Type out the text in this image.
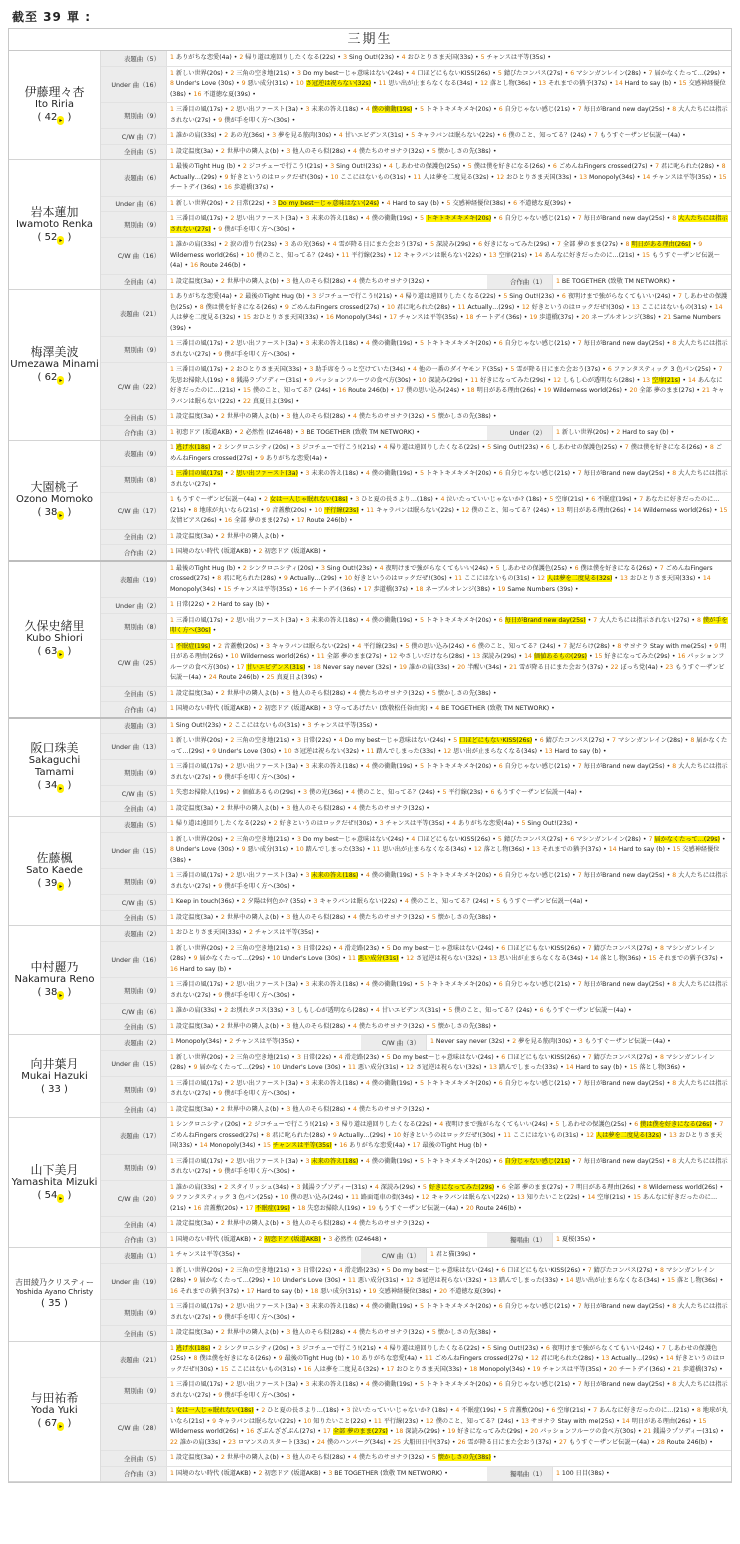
截至 39 單 :
三期生
伊藤理々杏
Ito Riria
( 42 ▸ )
表題曲（5）	1 ありがちな恋愛(4a) • 2 帰り道は遠回りしたくなる(22s) • 3 Sing Out!(23s) • 4 おひとりさま天国(33s) • 5 チャンスは平等(35s) •
Under 曲（16）
1 新しい世界(20s) • 2 三角の空き地(21s) • 3 Do my best～じゃ意味はない(24s) • 4 口ほどにもないKISS(26s) • 5 錆びたコンパス(27s) • 6 マシンガンレイン(28s) • 7 届かなくたって…(29s) • 8 Under's Love (30s) • 9 悪い成分(31s) • 10 さ冠逆は祝らない(32s) • 11 思い出が止まらなくなる(34s) • 12 落とし物(36s) • 13 それまでの猶予(37s) • 14 Hard to say (b) • 15 交感神経優位(38s) • 16 不道徳な夏(39s) •
期別曲（9）
1 三番目の風(17s) • 2 思い出ファースト(3a) • 3 未来の答え(18s) • 4 僕の衝動(19s) • 5 トキトキメキメキ(20s) • 6 自分じゃない感じ(21s) • 7 毎日がBrand new day(25s) • 8 大人たちには指示されない(27s) • 9 僕が手を叩く方へ(30s) •
C/W 曲（7）	1 誰かの肩(33s) • 2 あの光(36s) • 3 夢を見る筋肉(30s) • 4 甘いエビデンス(31s) • 5 キャラバンは眠らない(22s) • 6 僕のこと、知ってる？(24s) • 7 もうすぐ～ザンビ伝説～(4a) •
全員曲（5）	1 設定温度(3a) • 2 世界中の隣人よ(b) • 3 他人のそら似(28s) • 4 僕たちのサヨナラ(32s) • 5 懐かしさの先(38s) •
岩本蓮加
Iwamoto Renka
( 52 ▸ )
表題曲（6）
1 最後のTight Hug (b) • 2 ジコチューで行こう!(21s) • 3 Sing Out!(23s) • 4 しあわせの保護色(25s) • 5 僕は僕を好きになる(26s) • 6 ごめんねFingers crossed(27s) • 7 君に叱られた(28s) • 8 Actually…(29s) • 9 好きというのはロックだぜ!(30s) • 10 ここにはないもの(31s) • 11 人は夢を二度見る(32s) • 12 おひとりさま天国(33s) • 13 Monopoly(34s) • 14 チャンスは平等(35s) • 15 チートデイ(36s) • 16 歩道橋(37s) •
Under 曲（6）	1 新しい世界(20s) • 2 日常(22s) • 3 Do my best～じゃ意味はない(24s) • 4 Hard to say (b) • 5 交感神経優位(38s) • 6 不道徳な夏(39s) •
期別曲（9）
1 三番目の風(17s) • 2 思い出ファースト(3a) • 3 未来の答え(18s) • 4 僕の衝動(19s) • 5 トキトキメキメキ(20s) • 6 自分じゃない感じ(21s) • 7 毎日がBrand new day(25s) • 8 大人たちには指示されない(27s) • 9 僕が手を叩く方へ(30s) •
C/W 曲（16）
1 誰かの肩(33s) • 2 涙の滑り台(23s) • 3 あの光(36s) • 4 雪が降る日にまた会おう(37s) • 5 深読み(29s) • 6 好きになってみた(29s) • 7 全部 夢のまま(27s) • 8 明日がある理由(26s) • 9 Wilderness world(26s) • 10 僕のこと、知ってる？(24s) • 11 平行線(23s) • 12 キャラバンは眠らない(22s) • 13 空扉(21s) • 14 あんなに好きだったのに…(21s) • 15 もうすぐ～ザンビ伝説～(4a) • 16 Route 246(b) •
全員曲（4）	1 設定温度(3a) • 2 世界中の隣人よ(b) • 3 他人のそら似(28s) • 4 僕たちのサヨナラ(32s) •	合作曲（1）	1 BE TOGETHER (致敬 TM NETWORK) •
梅澤美波
Umezawa Minami
( 62 ▸ )
表題曲（21）
1 ありがちな恋愛(4a) • 2 最後のTight Hug (b) • 3 ジコチューで行こう!(21s) • 4 帰り道は遠回りしたくなる(22s) • 5 Sing Out!(23s) • 6 夜明けまで強がらなくてもいい(24s) • 7 しあわせの保護色(25s) • 8 僕は僕を好きになる(26s) • 9 ごめんねFingers crossed(27s) • 10 君に叱られた(28s) • 11 Actually…(29s) • 12 好きというのはロックだぜ!(30s) • 13 ここにはないもの(31s) • 14 人は夢を二度見る(32s) • 15 おひとりさま天国(33s) • 16 Monopoly(34s) • 17 チャンスは平等(35s) • 18 チートデイ(36s) • 19 歩道橋(37s) • 20 ネーブルオレンジ(38s) • 21 Same Numbers (39s) •
期別曲（9）
1 三番目の風(17s) • 2 思い出ファースト(3a) • 3 未来の答え(18s) • 4 僕の衝動(19s) • 5 トキトキメキメキ(20s) • 6 自分じゃない感じ(21s) • 7 毎日がBrand new day(25s) • 8 大人たちには指示されない(27s) • 9 僕が手を叩く方へ(30s) •
C/W 曲（22）
1 三番目の風(17s) • 2 おひとりさま天国(33s) • 3 助手席をうっと空けていた(34s) • 4 他の一番のダイヤモンド(35s) • 5 雪が降る日にまた会おう(37s) • 6 ファンタスティック 3 色パン(25s) • 7 先思お掃除人(19s) • 8 銭湯ラプソディー(31s) • 9 パッションフルーツの食べ方(30s) • 10 深読み(29s) • 11 好きになってみた(29s) • 12 しもし心が透明なら(28s) • 13 空扉(21s) • 14 あんなに好きだったのに…(21s) • 15 僕のこと、知ってる？(24s) • 16 Route 246(b) • 17 僕の思い込み(24s) • 18 明日がある理由(26s) • 19 Wilderness world(26s) • 20 全部 夢のまま(27s) • 21 キャラバンは眠らない(22s) • 22 真夏日よ(39s) •
全員曲（5）	1 設定温度(3a) • 2 世界中の隣人よ(b) • 3 他人のそら似(28s) • 4 僕たちのサヨナラ(32s) • 5 懐かしさの先(38s) •
合作曲（3）	1 初恋ドア (坂道AKB) • 2 必然性 (IZ4648) • 3 BE TOGETHER (致敬 TM NETWORK) •	Under（2）	1 新しい世界(20s) • 2 Hard to say (b) •
大園桃子
Ozono Momoko
( 38 ▸ )
表題曲（9）
1 逃げ水(18s) • 2 シンクロニシティ(20s) • 3 ジコチューで行こう!(21s) • 4 帰り道は遠回りしたくなる(22s) • 5 Sing Out!(23s) • 6 しあわせの保護色(25s) • 7 僕は僕を好きになる(26s) • 8 ごめんねFingers crossed(27s) • 9 ありがちな恋愛(4a) •
期別曲（8）
1 三番目の風(17s) • 2 思い出ファースト(3a) • 3 未来の答え(18s) • 4 僕の衝動(19s) • 5 トキトキメキメキ(20s) • 6 自分じゃない感じ(21s) • 7 毎日がBrand new day(25s) • 8 大人たちには指示されない(27s) •
C/W 曲（17）
1 もうすぐ～ザンビ伝説～(4a) • 2 女は一人じゃ眠れない(18s) • 3 ひと夏の長さより…(18s) • 4 泣いたっていいじゃないか? (18s) • 5 空扉(21s) • 6 不眠症(19s) • 7 あなたに好きだったのに…(21s) • 8 地球が丸いなら(21s) • 9 音蓋敷(20s) • 10 平行線(23s) • 11 キャラバンは眠らない(22s) • 12 僕のこと、知ってる？(24s) • 13 明日がある理由(26s) • 14 Wilderness world(26s) • 15 友情ピアス(26s) • 16 全部 夢のまま(27s) • 17 Route 246(b) •
全員曲（2）	1 設定温度(3a) • 2 世界中の隣人よ(b) •
合作曲（2）	1 国境のない時代 (坂道AKB) • 2 初恋ドア (坂道AKB) •
久保史緒里
Kubo Shiori
( 63 ▸ )
表題曲（19）
1 最後のTight Hug (b) • 2 シンクロニシティ(20s) • 3 Sing Out!(23s) • 4 夜明けまで強がらなくてもいい(24s) • 5 しあわせの保護色(25s) • 6 僕は僕を好きになる(26s) • 7 ごめんねFingers crossed(27s) • 8 君に叱られた(28s) • 9 Actually…(29s) • 10 好きというのはロックだぜ!(30s) • 11 ここにはないもの(31s) • 12 人は夢を二度見る(32s) • 13 おひとりさま天国(33s) • 14 Monopoly(34s) • 15 チャンスは平等(35s) • 16 チートデイ(36s) • 17 歩道橋(37s) • 18 ネーブルオレンジ(38s) • 19 Same Numbers (39s) •
Under 曲（2）	1 日常(22s) • 2 Hard to say (b) •
期別曲（8）
1 三番目の風(17s) • 2 思い出ファースト(3a) • 3 未来の答え(18s) • 4 僕の衝動(19s) • 5 トキトキメキメキ(20s) • 6 毎日がBrand new day(25s) • 7 大人たちには指示されない(27s) • 8 僕が手を叩く方へ(30s) •
C/W 曲（25）
1 不眠症(19s) • 2 音蓋敷(20s) • 3 キャラバンは眠らない(22s) • 4 平行線(23s) • 5 僕の思い込み(24s) • 6 僕のこと、知ってる？(24s) • 7 泥だらけ(28s) • 8 サヨナラ Stay with me(25s) • 9 明日がある理由(26s) • 10 Wilderness world(26s) • 11 全部 夢のまま(27s) • 12 やさしいだけなら(28s) • 13 深読み(29s) • 14 価値あるもの(29s) • 15 好きになってみた(29s) • 16 パッションフルーツの食べ方(30s) • 17 甘いエビデンス(31s) • 18 Never say never (32s) • 19 誰かの肩(33s) • 20 半醒い(34s) • 21 雪が降る日にまた会おう(37s) • 22 ぼっち党(4a) • 23 もうすぐ～ザンビ伝説～(4a) • 24 Route 246(b) • 25 真夏日よ(39s) •
全員曲（5）	1 設定温度(3a) • 2 世界中の隣人よ(b) • 3 他人のそら似(28s) • 4 僕たちのサヨナラ(32s) • 5 懐かしさの先(38s) •
合作曲（4）	1 国境のない時代 (坂道AKB) • 2 初恋ドア (坂道AKB) • 3 守ってあげたい (致敬松任谷由実) • 4 BE TOGETHER (致敬 TM NETWORK) •
阪口珠美
Sakaguchi Tamami
( 34 ▸ )
表題曲（3）	1 Sing Out!(23s) • 2 ここにはないもの(31s) • 3 チャンスは平等(35s) •
Under 曲（13）
1 新しい世界(20s) • 2 三角の空き地(21s) • 3 日常(22s) • 4 Do my best～じゃ意味はない(24s) • 5 口ほどにもないKISS(26s) • 6 錆びたコンパス(27s) • 7 マシンガンレイン(28s) • 8 届かなくたって…(29s) • 9 Under's Love (30s) • 10 さ冠逆は祝らない(32s) • 11 踏んでしまった(33s) • 12 思い出が止まらなくなる(34s) • 13 Hard to say (b) •
期別曲（9）
1 三番目の風(17s) • 2 思い出ファースト(3a) • 3 未来の答え(18s) • 4 僕の衝動(19s) • 5 トキトキメキメキ(20s) • 6 自分じゃない感じ(21s) • 7 毎日がBrand new day(25s) • 8 大人たちには指示されない(27s) • 9 僕が手を叩く方へ(30s) •
C/W 曲（5）	1 失恋お掃除人(19s) • 2 価値あるもの(29s) • 3 僕の光(36s) • 4 僕のこと、知ってる？(24s) • 5 平行線(23s) • 6 もうすぐ～ザンビ伝説～(4a) •
全員曲（4）	1 設定温度(3a) • 2 世界中の隣人よ(b) • 3 他人のそら似(28s) • 4 僕たちのサヨナラ(32s) •
佐藤楓
Sato Kaede
( 39 ▸ )
表題曲（5）	1 帰り道は遠回りしたくなる(22s) • 2 好きというのはロックだぜ!(30s) • 3 チャンスは平等(35s) • 4 ありがちな恋愛(4a) • 5 Sing Out!(23s) •
Under 曲（15）
1 新しい世界(20s) • 2 三角の空き地(21s) • 3 Do my best～じゃ意味はない(24s) • 4 口ほどにもないKISS(26s) • 5 錆びたコンパス(27s) • 6 マシンガンレイン(28s) • 7 届かなくたって…(29s) • 8 Under's Love (30s) • 9 悪い成分(31s) • 10 踏んでしまった(33s) • 11 思い出が止まらなくなる(34s) • 12 落とし物(36s) • 13 それまでの猶予(37s) • 14 Hard to say (b) • 15 交感神経優位(38s) •
期別曲（9）
1 三番目の風(17s) • 2 思い出ファースト(3a) • 3 未来の答え(18s) • 4 僕の衝動(19s) • 5 トキトキメキメキ(20s) • 6 自分じゃない感じ(21s) • 7 毎日がBrand new day(25s) • 8 大人たちには指示されない(27s) • 9 僕が手を叩く方へ(30s) •
C/W 曲（5）	1 Keep in touch(36s) • 2 夕陽は何色か? (35s) • 3 キャラバンは眠らない(22s) • 4 僕のこと、知ってる？(24s) • 5 もうすぐ～ザンビ伝説～(4a) •
全員曲（5）	1 設定温度(3a) • 2 世界中の隣人よ(b) • 3 他人のそら似(28s) • 4 僕たちのサヨナラ(32s) • 5 懐かしさの先(38s) •
中村麗乃
Nakamura Reno
( 38 ▸ )
表題曲（2）	1 おひとりさま天国(33s) • 2 チャンスは平等(35s) •
Under 曲（16）
1 新しい世界(20s) • 2 三角の空き地(21s) • 3 日常(22s) • 4 滑走路(23s) • 5 Do my best～じゃ意味はない(24s) • 6 口ほどにもないKISS(26s) • 7 錆びたコンパス(27s) • 8 マシンガンレイン(28s) • 9 届かなくたって…(29s) • 10 Under's Love (30s) • 11 悪い成分(31s) • 12 さ冠逆は祝らない(32s) • 13 思い出が止まらなくなる(34s) • 14 落とし物(36s) • 15 それまでの猶予(37s) • 16 Hard to say (b) •
期別曲（9）
1 三番目の風(17s) • 2 思い出ファースト(3a) • 3 未来の答え(18s) • 4 僕の衝動(19s) • 5 トキトキメキメキ(20s) • 6 自分じゃない感じ(21s) • 7 毎日がBrand new day(25s) • 8 大人たちには指示されない(27s) • 9 僕が手を叩く方へ(30s) •
C/W 曲（6）	1 誰かの肩(33s) • 2 お別れタコス(33s) • 3 しもし心が透明なら(28s) • 4 甘いエビデンス(31s) • 5 僕のこと、知ってる？(24s) • 6 もうすぐ～ザンビ伝説～(4a) •
全員曲（5）	1 設定温度(3a) • 2 世界中の隣人よ(b) • 3 他人のそら似(28s) • 4 僕たちのサヨナラ(32s) • 5 懐かしさの先(38s) •
向井葉月
Mukai Hazuki
( 33 )
表題曲（2）	1 Monopoly(34s) • 2 チャンスは平等(35s) •	C/W 曲（3）	1 Never say never (32s) • 2 夢を見る筋肉(30s) • 3 もうすぐ～ザンビ伝説～(4a) •
Under 曲（15）
1 新しい世界(20s) • 2 三角の空き地(21s) • 3 日常(22s) • 4 滑走路(23s) • 5 Do my best～じゃ意味はない(24s) • 6 口ほどにもないKISS(26s) • 7 錆びたコンパス(27s) • 8 マシンガンレイン(28s) • 9 届かなくたって…(29s) • 10 Under's Love (30s) • 11 悪い成分(31s) • 12 さ冠逆は祝らない(32s) • 13 踏んでしまった(33s) • 14 Hard to say (b) • 15 落とし物(36s) •
期別曲（9）
1 三番目の風(17s) • 2 思い出ファースト(3a) • 3 未来の答え(18s) • 4 僕の衝動(19s) • 5 トキトキメキメキ(20s) • 6 自分じゃない感じ(21s) • 7 毎日がBrand new day(25s) • 8 大人たちには指示されない(27s) • 9 僕が手を叩く方へ(30s) •
全員曲（4）	1 設定温度(3a) • 2 世界中の隣人よ(b) • 3 他人のそら似(28s) • 4 僕たちのサヨナラ(32s) •
山下美月
Yamashita Mizuki
( 54 ▸ )
表題曲（17）
1 シンクロニシティ(20s) • 2 ジコチューで行こう!(21s) • 3 帰り道は遠回りしたくなる(22s) • 4 夜明けまで強がらなくてもいい(24s) • 5 しあわせの保護色(25s) • 6 僕は僕を好きになる(26s) • 7 ごめんねFingers crossed(27s) • 8 君に叱られた(28s) • 9 Actually…(29s) • 10 好きというのはロックだぜ!(30s) • 11 ここにはないもの(31s) • 12 人は夢を二度見る(32s) • 13 おひとりさま天国(33s) • 14 Monopoly(34s) • 15 チャンスは平等(35s) • 16 ありがちな恋愛(4a) • 17 最後のTight Hug (b) •
期別曲（9）
1 三番目の風(17s) • 2 思い出ファースト(3a) • 3 未来の答え(18s) • 4 僕の衝動(19s) • 5 トキトキメキメキ(20s) • 6 自分じゃない感じ(21s) • 7 毎日がBrand new day(25s) • 8 大人たちには指示されない(27s) • 9 僕が手を叩く方へ(30s) •
C/W 曲（20）
1 誰かの肩(33s) • 2 スタイリッシュ(34s) • 3 銭湯ラプソディー(31s) • 4 深読み(29s) • 5 好きになってみた(29s) • 6 全部 夢のまま(27s) • 7 明日がある理由(26s) • 8 Wilderness world(26s) • 9 ファンタスティック 3 色パン(25s) • 10 僕の思い込み(24s) • 11 路面電車の街(34s) • 12 キャラバンは眠らない(22s) • 13 知りたいこと(22s) • 14 空扉(21s) • 15 あんなに好きだったのに…(21s) • 16 音蓋敷(20s) • 17 不眠症(19s) • 18 失恋お掃除人(19s) • 19 もうすぐ～ザンビ伝説～(4a) • 20 Route 246(b) •
全員曲（4）	1 設定温度(3a) • 2 世界中の隣人よ(b) • 3 他人のそら似(28s) • 4 僕たちのサヨナラ(32s) •
合作曲（3）	1 国境のない時代 (坂道AKB) • 2 初恋ドア (坂道AKB) • 3 必然性 (IZ4648) •	獨唱曲（1）	1 夏桜(35s) •
吉田綾乃クリスティー
Yoshida Ayano Christy
( 35 )
表題曲（1）	1 チャンスは平等(35s) •	C/W 曲（1）	1 君と猫(39s) •
Under 曲（19）
1 新しい世界(20s) • 2 三角の空き地(21s) • 3 日常(22s) • 4 滑走路(23s) • 5 Do my best～じゃ意味はない(24s) • 6 口ほどにもないKISS(26s) • 7 錆びたコンパス(27s) • 8 マシンガンレイン(28s) • 9 届かなくたって…(29s) • 10 Under's Love (30s) • 11 悪い成分(31s) • 12 さ冠逆は祝らない(32s) • 13 踏んでしまった(33s) • 14 思い出が止まらなくなる(34s) • 15 落とし物(36s) • 16 それまでの猶予(37s) • 17 Hard to say (b) • 18 悪い成分(31s) • 19 交感神経優位(38s) • 20 不道徳な夏(39s) •
期別曲（9）
1 三番目の風(17s) • 2 思い出ファースト(3a) • 3 未来の答え(18s) • 4 僕の衝動(19s) • 5 トキトキメキメキ(20s) • 6 自分じゃない感じ(21s) • 7 毎日がBrand new day(25s) • 8 大人たちには指示されない(27s) • 9 僕が手を叩く方へ(30s) •
全員曲（5）	1 設定温度(3a) • 2 世界中の隣人よ(b) • 3 他人のそら似(28s) • 4 僕たちのサヨナラ(32s) • 5 懐かしさの先(38s) •
与田祐希
Yoda Yuki
( 67 ▸ )
表題曲（21）
1 逃げ水(18s) • 2 シンクロニシティ(20s) • 3 ジコチューで行こう!(21s) • 4 帰り道は遠回りしたくなる(22s) • 5 Sing Out!(23s) • 6 夜明けまで強がらなくてもいい(24s) • 7 しあわせの保護色(25s) • 8 僕は僕を好きになる(26s) • 9 最後のTight Hug (b) • 10 ありがちな恋愛(4a) • 11 ごめんねFingers crossed(27s) • 12 君に叱られた(28s) • 13 Actually…(29s) • 14 好きというのはロックだぜ!(30s) • 15 ここにはないもの(31s) • 16 人は夢を二度見る(32s) • 17 おひとりさま天国(33s) • 18 Monopoly(34s) • 19 チャンスは平等(35s) • 20 チートデイ(36s) • 21 歩道橋(37s) •
期別曲（9）
1 三番目の風(17s) • 2 思い出ファースト(3a) • 3 未来の答え(18s) • 4 僕の衝動(19s) • 5 トキトキメキメキ(20s) • 6 自分じゃない感じ(21s) • 7 毎日がBrand new day(25s) • 8 大人たちには指示されない(27s) • 9 僕が手を叩く方へ(30s) •
C/W 曲（28）
1 女は一人じゃ眠れない(18s) • 2 ひと夏の長さより…(18s) • 3 泣いたっていいじゃないか? (18s) • 4 不眠症(19s) • 5 音蓋敷(20s) • 6 空扉(21s) • 7 あんなに好きだったのに…(21s) • 8 地球が丸いなら(21s) • 9 キャラバンは眠らない(22s) • 10 知りたいこと(22s) • 11 平行線(23s) • 12 僕のこと、知ってる？(24s) • 13 サヨナラ Stay with me(25s) • 14 明日がある理由(26s) • 15 Wilderness world(26s) • 16 ざぶんざざぶん(27s) • 17 全部 夢のまま(27s) • 18 深読み(29s) • 19 好きになってみた(29s) • 20 パッションフルーツの食べ方(30s) • 21 銭湯ラプソディー(31s) • 22 誰かの肩(33s) • 23 ロマンスのスタート(33s) • 24 僕のハンバーグ(34s) • 25 大船田日中(37s) • 26 雪が降る日にまた会おう(37s) • 27 もうすぐ～ザンビ伝説～(4a) • 28 Route 246(b) •
全員曲（5）	1 設定温度(3a) • 2 世界中の隣人よ(b) • 3 他人のそら似(28s) • 4 僕たちのサヨナラ(32s) • 5 懐かしさの先(38s) •
合作曲（3）	1 国境のない時代 (坂道AKB) • 2 初恋ドア (坂道AKB) • 3 BE TOGETHER (致敬 TM NETWORK) •	獨唱曲（1）	1 100 日目(38s) •
